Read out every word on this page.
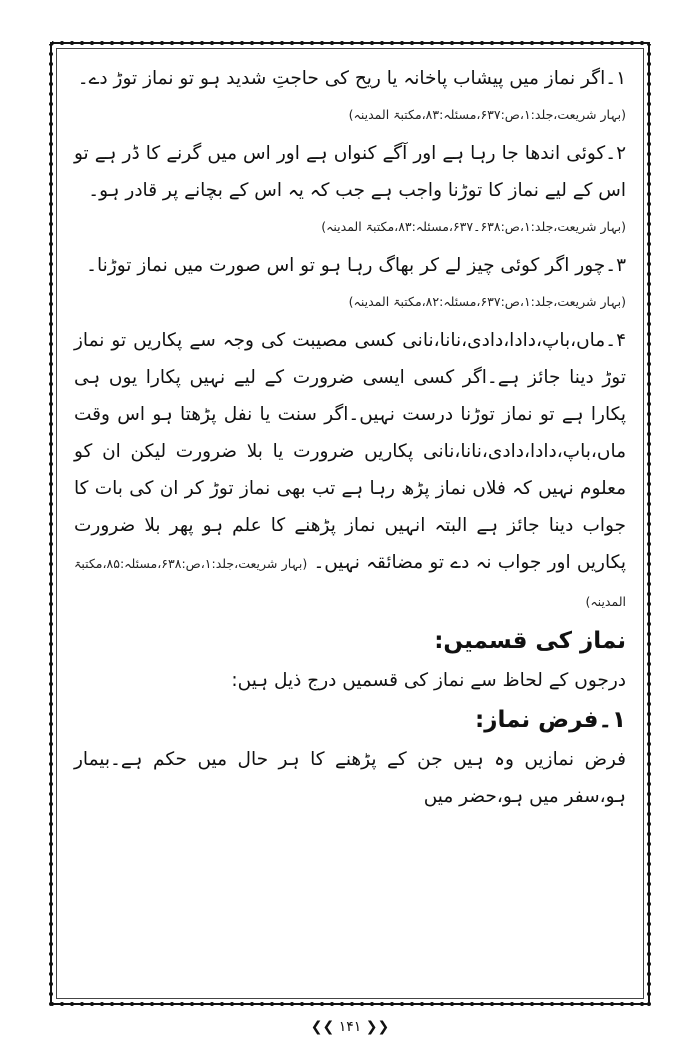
۱۔اگر نماز میں پیشاب پاخانہ یا ریح کی حاجتِ شدید ہو تو نماز توڑ دے۔

(بہار شریعت،جلد:۱،ص:۶۳۷،مسئلہ:۸۳،مکتبۃ المدینہ)

۲۔کوئی اندھا جا رہا ہے اور آگے کنواں ہے اور اس میں گرنے کا ڈر ہے تو اس کے لیے نماز کا توڑنا واجب ہے جب کہ یہ اس کے بچانے پر قادر ہو۔

(بہار شریعت،جلد:۱،ص:۶۳۸۔۶۳۷،مسئلہ:۸۳،مکتبۃ المدینہ)

۳۔چور اگر کوئی چیز لے کر بھاگ رہا ہو تو اس صورت میں نماز توڑنا۔

(بہار شریعت،جلد:۱،ص:۶۳۷،مسئلہ:۸۲،مکتبۃ المدینہ)

۴۔ماں،باپ،دادا،دادی،نانا،نانی کسی مصیبت کی وجہ سے پکاریں تو نماز توڑ دینا جائز ہے۔اگر کسی ایسی ضرورت کے لیے نہیں پکارا یوں ہی پکارا ہے تو نماز توڑنا درست نہیں۔اگر سنت یا نفل پڑھتا ہو اس وقت ماں،باپ،دادا،دادی،نانا،نانی پکاریں ضرورت یا بلا ضرورت لیکن ان کو معلوم نہیں کہ فلاں نماز پڑھ رہا ہے تب بھی نماز توڑ کر ان کی بات کا جواب دینا جائز ہے البتہ انہیں نماز پڑھنے کا علم ہو پھر بلا ضرورت پکاریں اور جواب نہ دے تو مضائقہ نہیں۔ (بہار شریعت،جلد:۱،ص:۶۳۸،مسئلہ:۸۵،مکتبۃ المدینہ)

نماز کی قسمیں:

درجوں کے لحاظ سے نماز کی قسمیں درج ذیل ہیں:

۱۔فرض نماز:

فرض نمازیں وہ ہیں جن کے پڑھنے کا ہر حال میں حکم ہے۔بیمار ہو،سفر میں ہو،حضر میں

❮❮ ۱۴۱ ❯❯
